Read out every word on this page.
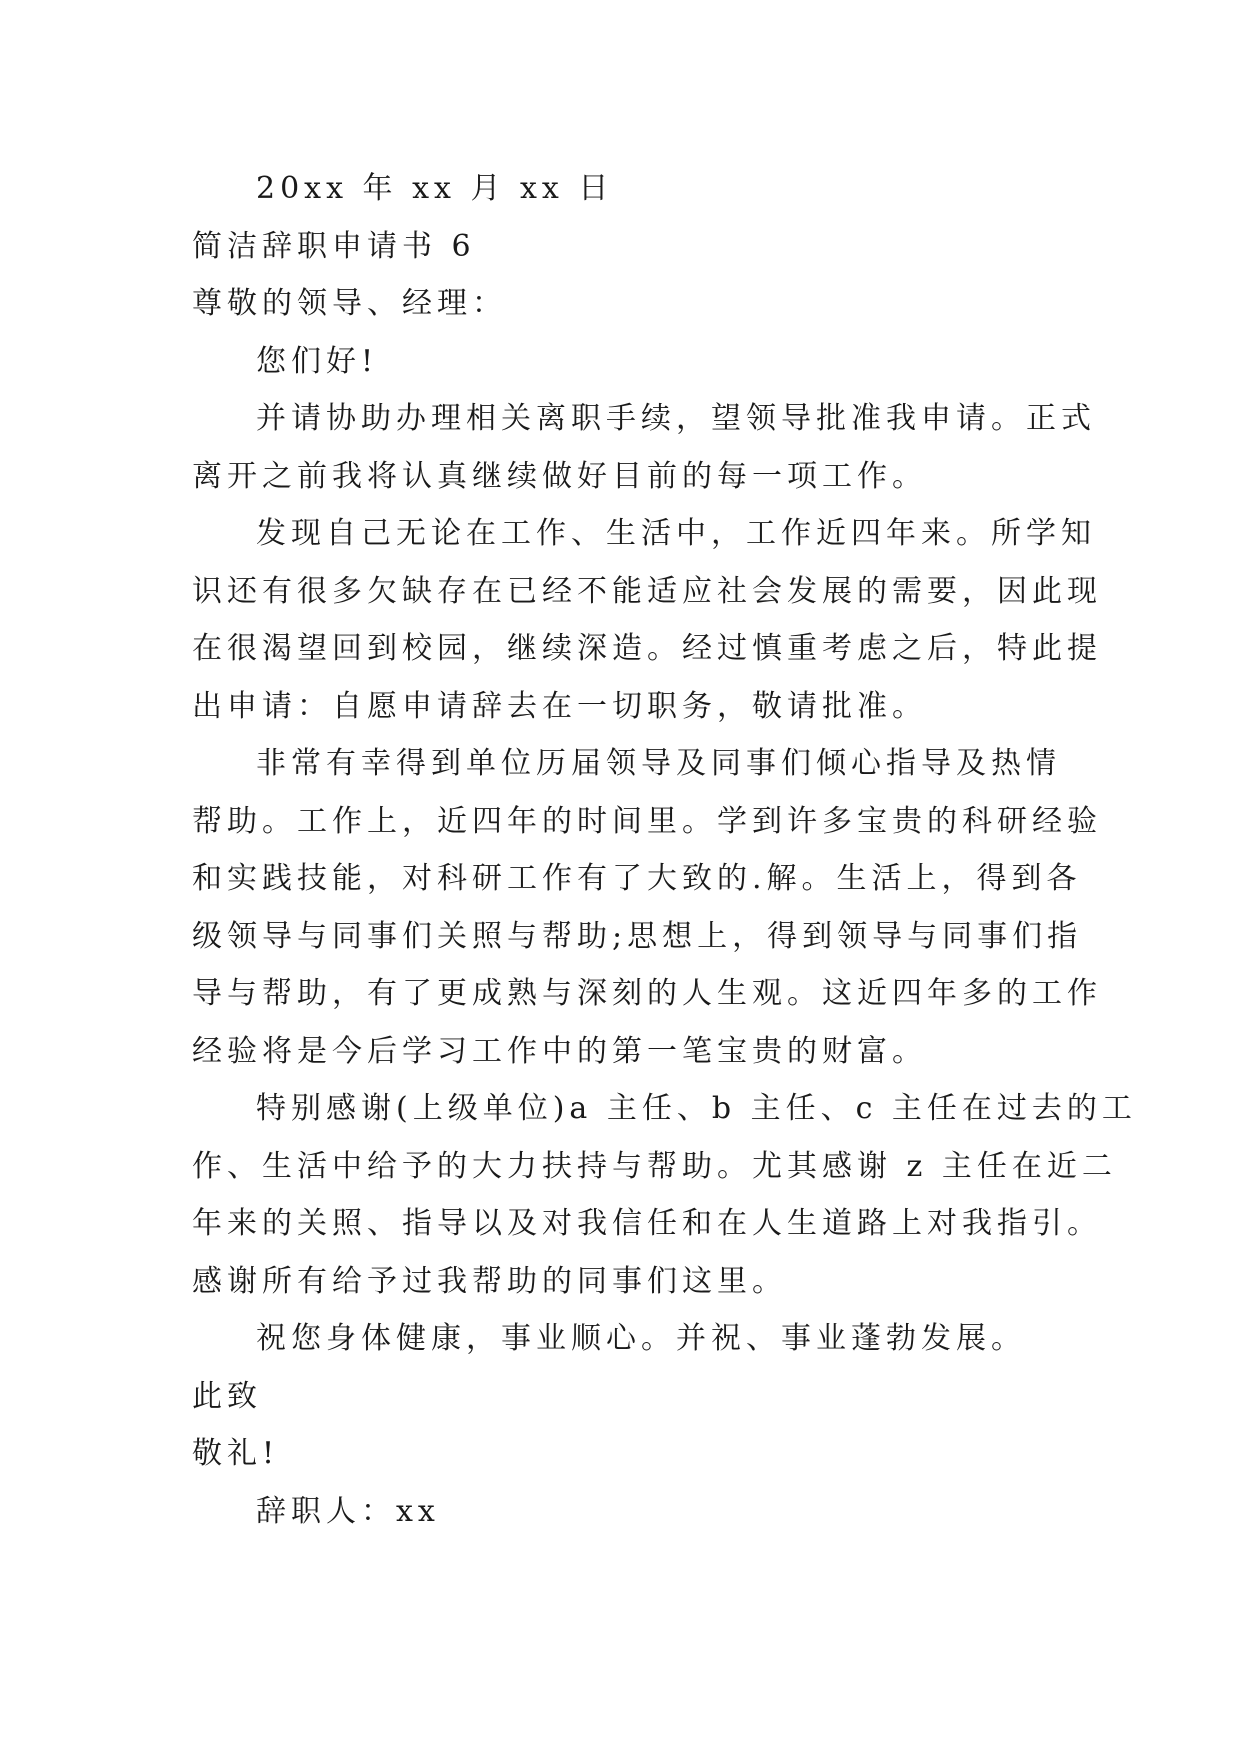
20xx 年 xx 月 xx 日

简洁辞职申请书 6

尊敬的领导、经理：

您们好!

并请协助办理相关离职手续，望领导批准我申请。正式

离开之前我将认真继续做好目前的每一项工作。

发现自己无论在工作、生活中，工作近四年来。所学知

识还有很多欠缺存在已经不能适应社会发展的需要，因此现

在很渴望回到校园，继续深造。经过慎重考虑之后，特此提

出申请：自愿申请辞去在一切职务，敬请批准。

非常有幸得到单位历届领导及同事们倾心指导及热情

帮助。工作上，近四年的时间里。学到许多宝贵的科研经验

和实践技能，对科研工作有了大致的.解。生活上，得到各

级领导与同事们关照与帮助;思想上，得到领导与同事们指

导与帮助，有了更成熟与深刻的人生观。这近四年多的工作

经验将是今后学习工作中的第一笔宝贵的财富。

特别感谢(上级单位)a 主任、b 主任、c 主任在过去的工

作、生活中给予的大力扶持与帮助。尤其感谢 z 主任在近二

年来的关照、指导以及对我信任和在人生道路上对我指引。

感谢所有给予过我帮助的同事们这里。

祝您身体健康，事业顺心。并祝、事业蓬勃发展。

此致

敬礼!

辞职人：xx
